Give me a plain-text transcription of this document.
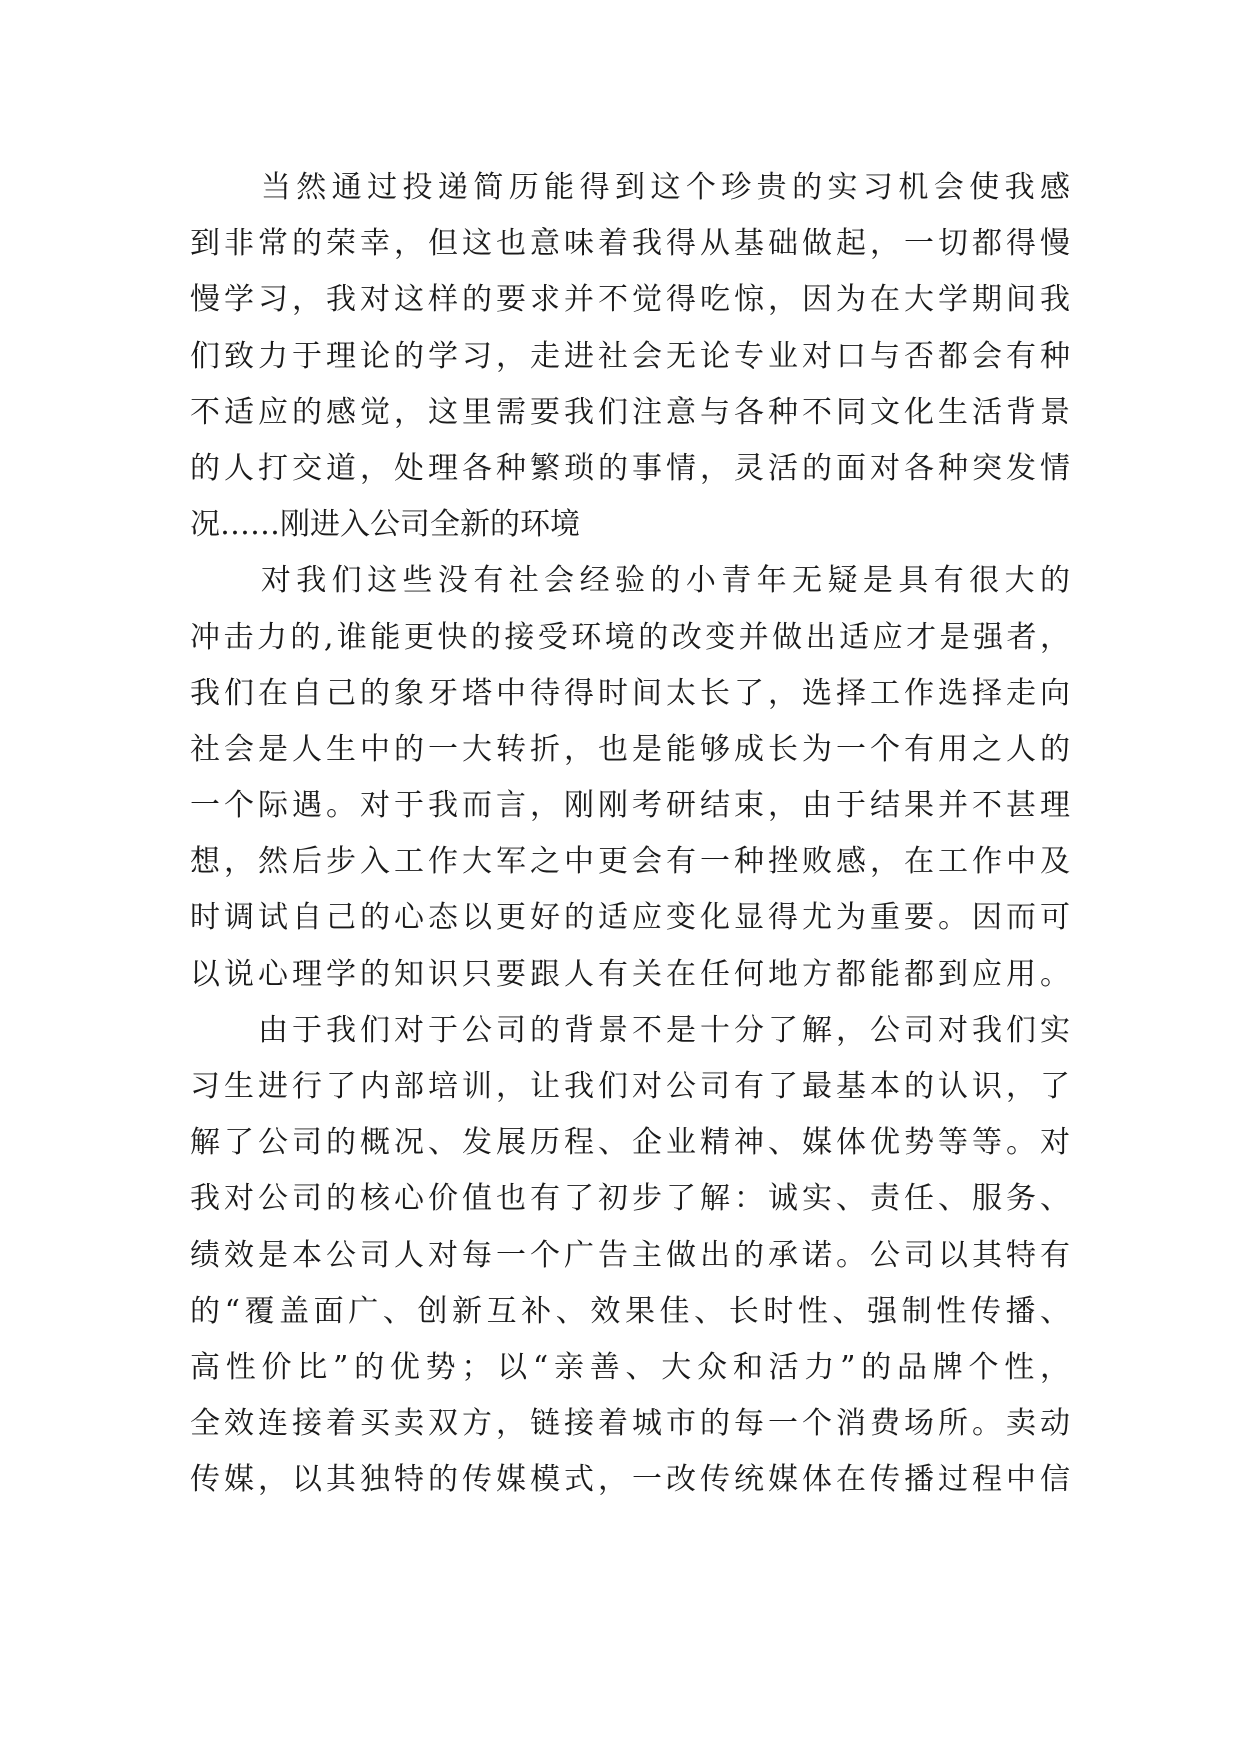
　　当然通过投递简历能得到这个珍贵的实习机会使我感
到非常的荣幸，但这也意味着我得从基础做起，一切都得慢
慢学习，我对这样的要求并不觉得吃惊，因为在大学期间我
们致力于理论的学习，走进社会无论专业对口与否都会有种
不适应的感觉，这里需要我们注意与各种不同文化生活背景
的人打交道，处理各种繁琐的事情，灵活的面对各种突发情
况……刚进入公司全新的环境
　　对我们这些没有社会经验的小青年无疑是具有很大的
冲击力的,谁能更快的接受环境的改变并做出适应才是强者，
我们在自己的象牙塔中待得时间太长了，选择工作选择走向
社会是人生中的一大转折，也是能够成长为一个有用之人的
一个际遇。对于我而言，刚刚考研结束，由于结果并不甚理
想，然后步入工作大军之中更会有一种挫败感，在工作中及
时调试自己的心态以更好的适应变化显得尤为重要。因而可
以说心理学的知识只要跟人有关在任何地方都能都到应用。
　　由于我们对于公司的背景不是十分了解，公司对我们实
习生进行了内部培训，让我们对公司有了最基本的认识，了
解了公司的概况、发展历程、企业精神、媒体优势等等。对
我对公司的核心价值也有了初步了解：诚实、责任、服务、
绩效是本公司人对每一个广告主做出的承诺。公司以其特有
的“覆盖面广、创新互补、效果佳、长时性、强制性传播、
高性价比”的优势；以“亲善、大众和活力”的品牌个性，
全效连接着买卖双方，链接着城市的每一个消费场所。卖动
传媒，以其独特的传媒模式，一改传统媒体在传播过程中信
